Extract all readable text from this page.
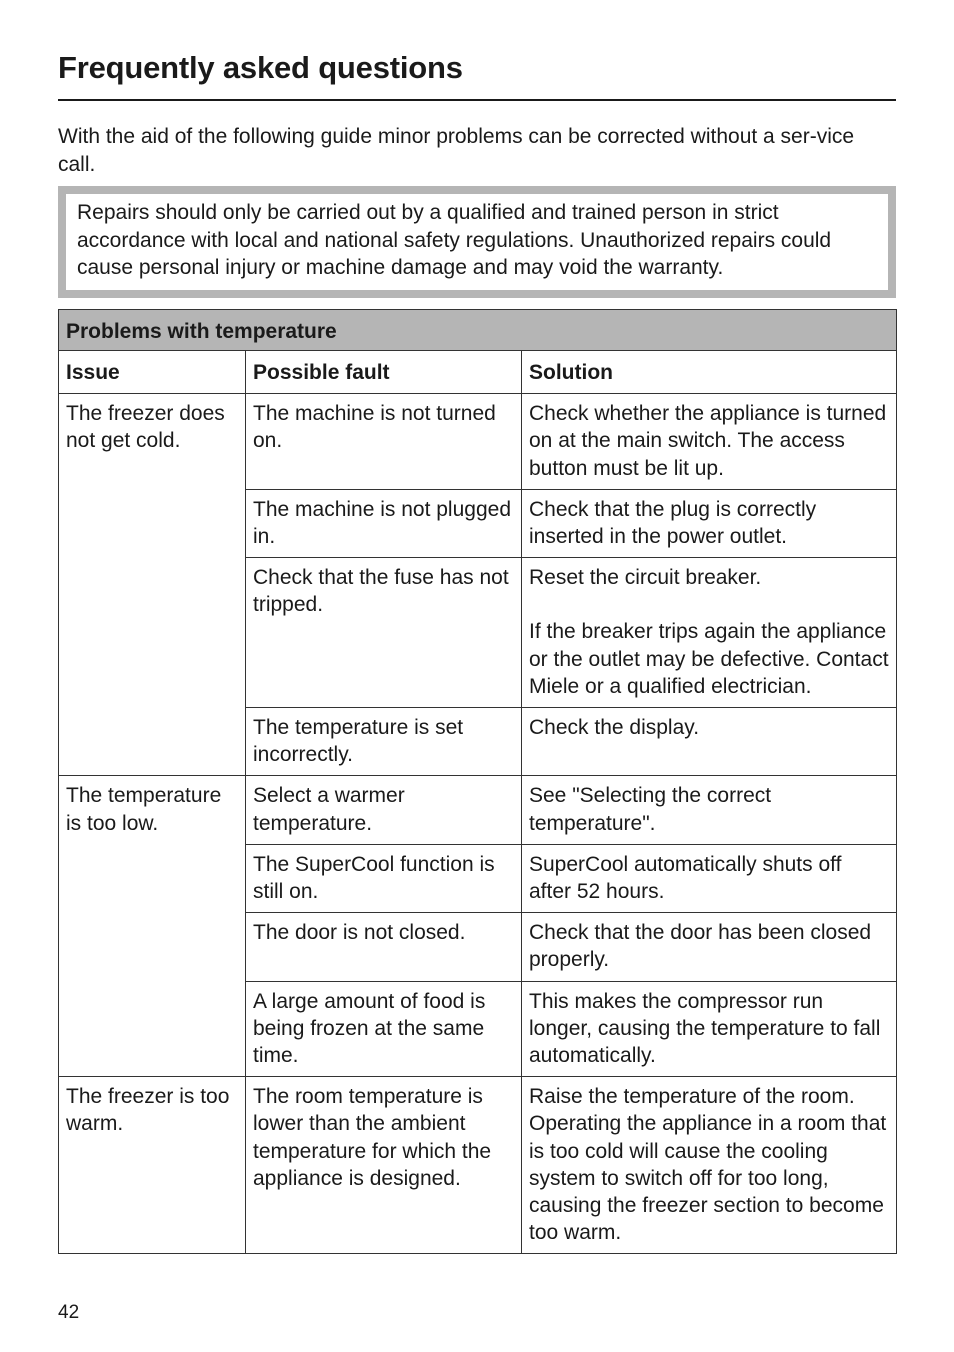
Frequently asked questions

With the aid of the following guide minor problems can be corrected without a ser-vice call.

Repairs should only be carried out by a qualified and trained person in strict accordance with local and national safety regulations. Unauthorized repairs could cause personal injury or machine damage and may void the warranty.
Problems with temperature		
Issue	Possible fault	Solution
The freezer does not get cold.	The machine is not turned on.	Check whether the appliance is turned on at the main switch. The access button must be lit up.

	The machine is not plugged in.	Check that the plug is correctly inserted in the power outlet.

	Check that the fuse has not tripped.	Reset the circuit breaker.
If the breaker trips again the appliance or the outlet may be defective. Contact Miele or a qualified electrician.

	The temperature is set incorrectly.	Check the display.

The temperature is too low.	Select a warmer temperature.	See "Selecting the correct temperature".

	The SuperCool function is still on.	SuperCool automatically shuts off after 52 hours.

	The door is not closed.	Check that the door has been closed properly.

	A large amount of food is being frozen at the same time.	This makes the compressor run longer, causing the temperature to fall automatically.

The freezer is too warm.	The room temperature is lower than the ambient temperature for which the appliance is designed.	Raise the temperature of the room. Operating the appliance in a room that is too cold will cause the cooling system to switch off for too long, causing the freezer section to become too warm.
42
